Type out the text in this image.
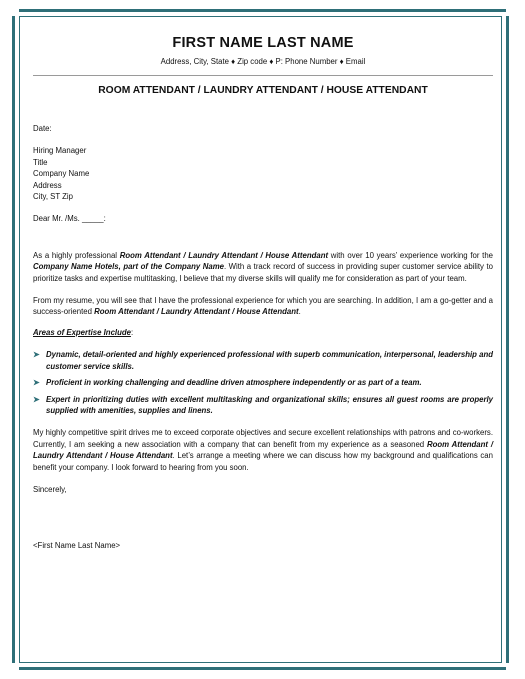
FIRST NAME LAST NAME
Address, City, State ♦ Zip code ♦ P: Phone Number ♦ Email
ROOM ATTENDANT / LAUNDRY ATTENDANT / HOUSE ATTENDANT

Date:

Hiring Manager
Title
Company Name
Address
City, ST Zip

Dear Mr. /Ms. _____:

As a highly professional Room Attendant / Laundry Attendant / House Attendant with over 10 years’ experience working for the Company Name Hotels, part of the Company Name. With a track record of success in providing super customer service ability to prioritize tasks and expertise multitasking, I believe that my diverse skills will qualify me for consideration as part of your team.

From my resume, you will see that I have the professional experience for which you are searching. In addition, I am a go-getter and a success-oriented Room Attendant / Laundry Attendant / House Attendant.

Areas of Expertise Include:

➤ Dynamic, detail-oriented and highly experienced professional with superb communication, interpersonal, leadership and customer service skills.
➤ Proficient in working challenging and deadline driven atmosphere independently or as part of a team.
➤ Expert in prioritizing duties with excellent multitasking and organizational skills; ensures all guest rooms are properly supplied with amenities, supplies and linens.

My highly competitive spirit drives me to exceed corporate objectives and secure excellent relationships with patrons and co-workers. Currently, I am seeking a new association with a company that can benefit from my experience as a seasoned Room Attendant / Laundry Attendant / House Attendant. Let’s arrange a meeting where we can discuss how my background and qualifications can benefit your company. I look forward to hearing from you soon.

Sincerely,

<First Name Last Name>
